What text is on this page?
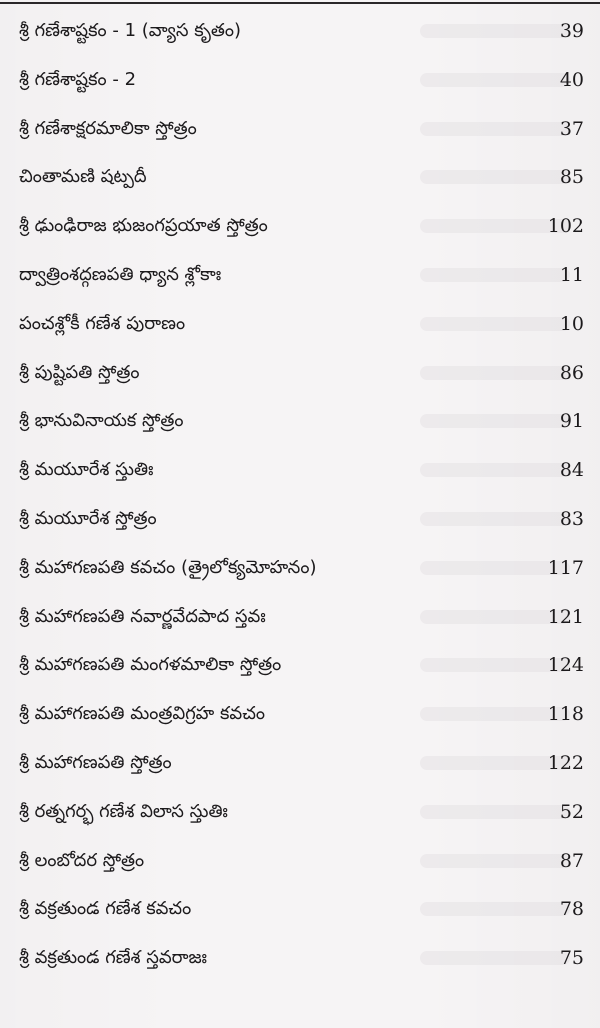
శ్రీ గణేశాష్టకం - 1 (వ్యాస కృతం)	39
శ్రీ గణేశాష్టకం - 2	40
శ్రీ గణేశాక్షరమాలికా స్తోత్రం	37
చింతామణి షట్పదీ	85
శ్రీ ఢుంఢిరాజ భుజంగప్రయాత స్తోత్రం	102
ద్వాత్రింశద్గణపతి ధ్యాన శ్లోకాః	11
పంచశ్లోకీ గణేశ పురాణం	10
శ్రీ పుష్టిపతి స్తోత్రం	86
శ్రీ భానువినాయక స్తోత్రం	91
శ్రీ మయూరేశ స్తుతిః	84
శ్రీ మయూరేశ స్తోత్రం	83
శ్రీ మహాగణపతి కవచం (త్రైలోక్యమోహనం)	117
శ్రీ మహాగణపతి నవార్ణవేదపాద స్తవః	121
శ్రీ మహాగణపతి మంగళమాలికా స్తోత్రం	124
శ్రీ మహాగణపతి మంత్రవిగ్రహ కవచం	118
శ్రీ మహాగణపతి స్తోత్రం	122
శ్రీ రత్నగర్భ గణేశ విలాస స్తుతిః	52
శ్రీ లంబోదర స్తోత్రం	87
శ్రీ వక్రతుండ గణేశ కవచం	78
శ్రీ వక్రతుండ గణేశ స్తవరాజః	75
